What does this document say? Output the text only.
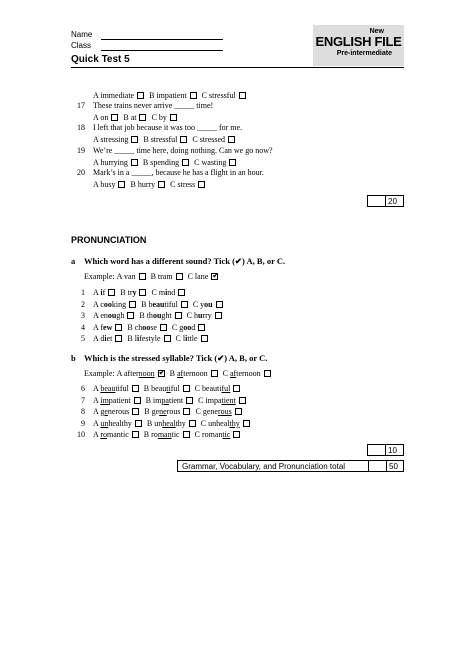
Name
Class
Quick Test 5
New
ENGLISH FILE
Pre-intermediate
A immediate B impatient C stressful
17 These trains never arrive _____ time!
A on B at C by
18 I left that job because it was too _____ for me.
A stressing B stressful C stressed
19 We’re _____ time here, doing nothing. Can we go now?
A hurrying B spending C wasting
20 Mark’s in a _____, because he has a flight in an hour.
A busy B hurry C stress
20
PRONUNCIATION
a Which word has a different sound? Tick (✔) A, B, or C.
Example: A van B tram C lane✔
1 A if B try C mind
2 A cooking B beautiful C you
3 A enough B thought C hurry
4 A few B choose C good
5 A diet B lifestyle C little
b Which is the stressed syllable? Tick (✔) A, B, or C.
Example: A afternoon✔ B afternoon C afternoon
6 A beautiful B beautiful C beautiful
7 A impatient B impatient C impatient
8 A generous B generous C generous
9 A unhealthy B unhealthy C unhealthy
10 A romantic B romantic C romantic
10
Grammar, Vocabulary, and Pronunciation total	50
